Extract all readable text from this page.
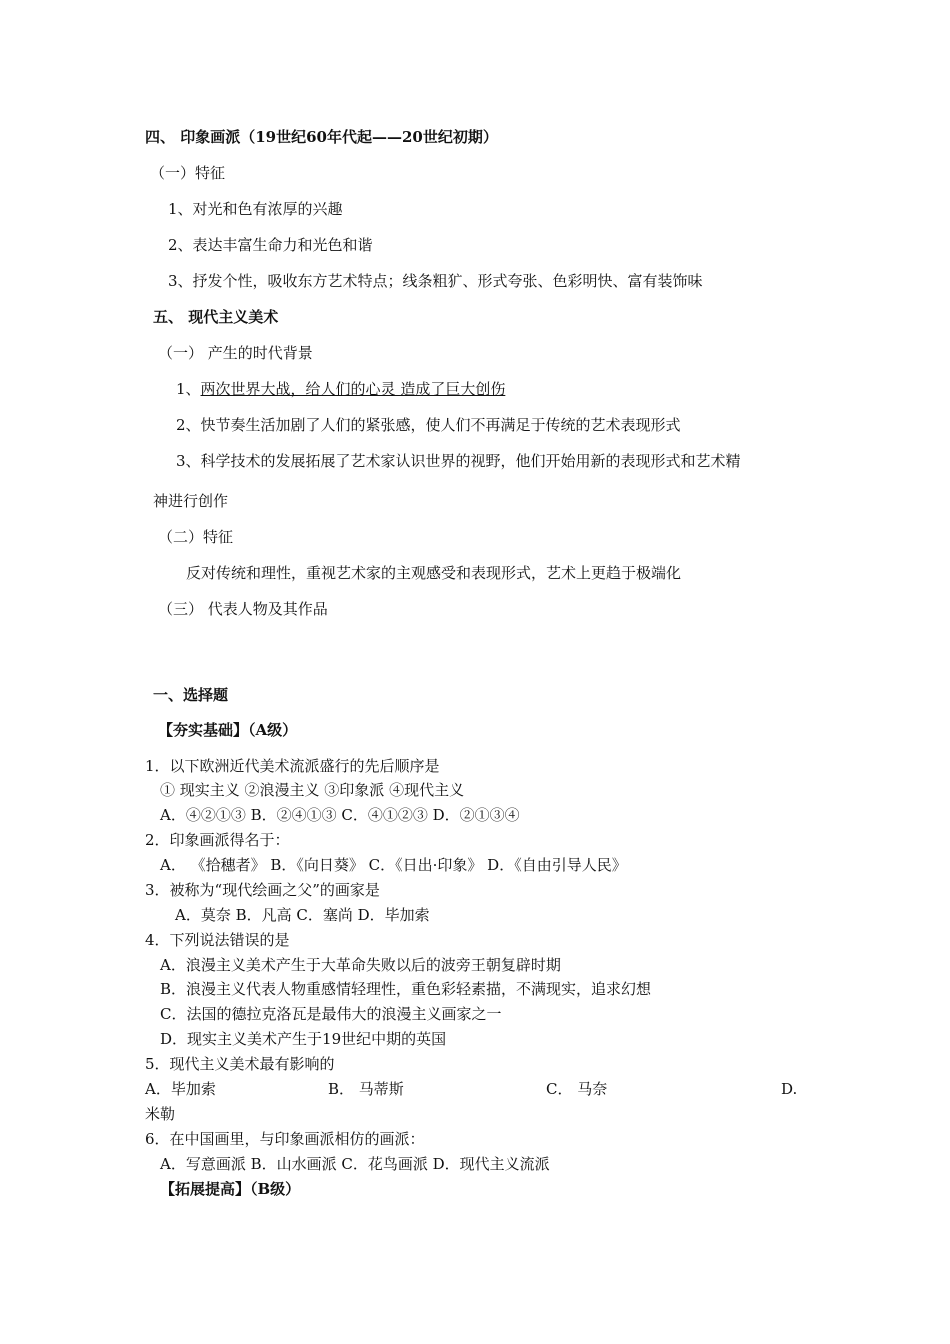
四、 印象画派（19世纪60年代起——20世纪初期）
（一）特征
1、对光和色有浓厚的兴趣
2、表达丰富生命力和光色和谐
3、抒发个性，吸收东方艺术特点；线条粗犷、形式夸张、色彩明快、富有装饰味
五、 现代主义美术
（一） 产生的时代背景
1、两次世界大战，给人们的心灵 造成了巨大创伤
2、快节奏生活加剧了人们的紧张感，使人们不再满足于传统的艺术表现形式
3、科学技术的发展拓展了艺术家认识世界的视野，他们开始用新的表现形式和艺术精
神进行创作
（二）特征
反对传统和理性，重视艺术家的主观感受和表现形式，艺术上更趋于极端化
（三） 代表人物及其作品
一、选择题
【夯实基础】（A级）
1．以下欧洲近代美术流派盛行的先后顺序是
① 现实主义 ②浪漫主义 ③印象派 ④现代主义
A．④②①③ B．②④①③ C．④①②③ D．②①③④
2．印象画派得名于：
A． 《拾穗者》 B．《向日葵》 C．《日出·印象》 D．《自由引导人民》
3．被称为“现代绘画之父”的画家是
A．莫奈 B．凡高 C．塞尚 D．毕加索
4．下列说法错误的是
A．浪漫主义美术产生于大革命失败以后的波旁王朝复辟时期
B．浪漫主义代表人物重感情轻理性，重色彩轻素描，不满现实，追求幻想
C．法国的德拉克洛瓦是最伟大的浪漫主义画家之一
D．现实主义美术产生于19世纪中期的英国
5．现代主义美术最有影响的
A．毕加索	B． 马蒂斯	C． 马奈	D.
米勒
6．在中国画里，与印象画派相仿的画派：
A．写意画派 B．山水画派 C．花鸟画派 D．现代主义流派
【拓展提高】（B级）
